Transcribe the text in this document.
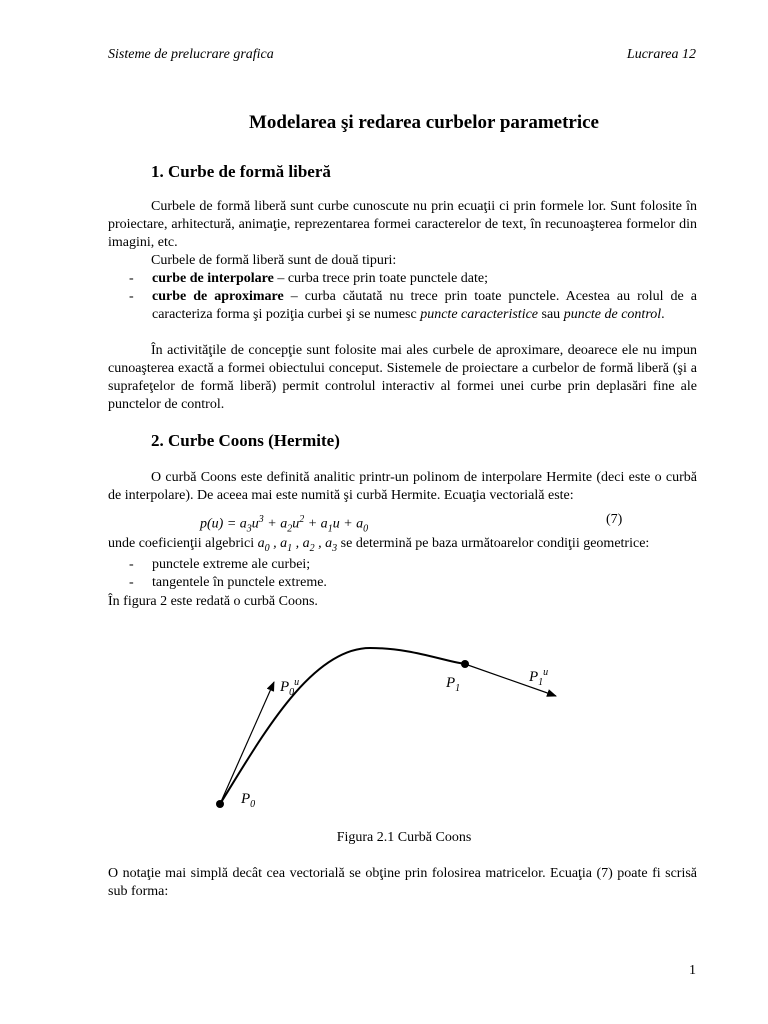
Sisteme de prelucrare grafica	Lucrarea 12
Modelarea şi redarea curbelor parametrice
1. Curbe de formă liberă

Curbele de formă liberă sunt curbe cunoscute nu prin ecuaţii ci prin formele lor. Sunt folosite în proiectare, arhitectură, animaţie, reprezentarea formei caracterelor de text, în recunoaşterea formelor din imagini, etc.

Curbele de formă liberă sunt de două tipuri:

- curbe de interpolare – curba trece prin toate punctele date;
- curbe de aproximare – curba căutată nu trece prin toate punctele. Acestea au rolul de a caracteriza forma şi poziţia curbei şi se numesc puncte caracteristice sau puncte de control.

În activităţile de concepţie sunt folosite mai ales curbele de aproximare, deoarece ele nu impun cunoaşterea exactă a formei obiectului conceput. Sistemele de proiectare a curbelor de formă liberă (şi a suprafeţelor de formă liberă) permit controlul interactiv al formei unei curbe prin deplasări fine ale punctelor de control.

2. Curbe Coons (Hermite)

O curbă Coons este definită analitic printr-un polinom de interpolare Hermite (deci este o curbă de interpolare). De aceea mai este numită şi curbă Hermite. Ecuaţia vectorială este:

$p(u) = a_3u^3 + a_2u^2 + a_1u + a_0$
(7)
unde coeficienţii algebrici $a_0$ , $a_1$ , $a_2$ , $a_3$ se determină pe baza următoarelor condiţii geometrice:
- punctele extreme ale curbei;
- tangentele în punctele extreme.
În figura 2 este redată o curbă Coons.
$P_0^u$	$P_1$
$P_1^u$
$P_0$
Figura 2.1 Curbă Coons

O notaţie mai simplă decât cea vectorială se obţine prin folosirea matricelor. Ecuaţia (7) poate fi scrisă sub forma:

1
